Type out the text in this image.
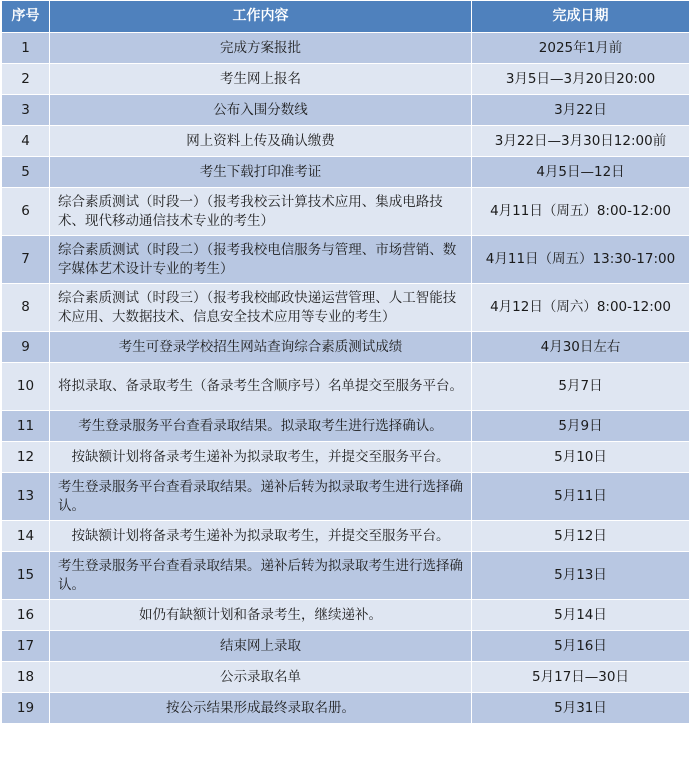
序号	工作内容	完成日期
1	完成方案报批	2025年1月前
2	考生网上报名	3月5日—3月20日20:00
3	公布入围分数线	3月22日
4	网上资料上传及确认缴费	3月22日—3月30日12:00前
5	考生下载打印准考证	4月5日—12日
6	综合素质测试（时段一）（报考我校云计算技术应用、集成电路技术、现代移动通信技术专业的考生）	4月11日（周五）8:00-12:00
7	综合素质测试（时段二）（报考我校电信服务与管理、市场营销、数字媒体艺术设计专业的考生）	4月11日（周五）13:30-17:00
8	综合素质测试（时段三）（报考我校邮政快递运营管理、人工智能技术应用、大数据技术、信息安全技术应用等专业的考生）	4月12日（周六）8:00-12:00
9	考生可登录学校招生网站查询综合素质测试成绩	4月30日左右
10	将拟录取、备录取考生（备录考生含顺序号）名单提交至服务平台。	5月7日
11	考生登录服务平台查看录取结果。拟录取考生进行选择确认。	5月9日
12	按缺额计划将备录考生递补为拟录取考生，并提交至服务平台。	5月10日
13	考生登录服务平台查看录取结果。递补后转为拟录取考生进行选择确认。	5月11日
14	按缺额计划将备录考生递补为拟录取考生，并提交至服务平台。	5月12日
15	考生登录服务平台查看录取结果。递补后转为拟录取考生进行选择确认。	5月13日
16	如仍有缺额计划和备录考生，继续递补。	5月14日
17	结束网上录取	5月16日
18	公示录取名单	5月17日—30日
19	按公示结果形成最终录取名册。	5月31日
